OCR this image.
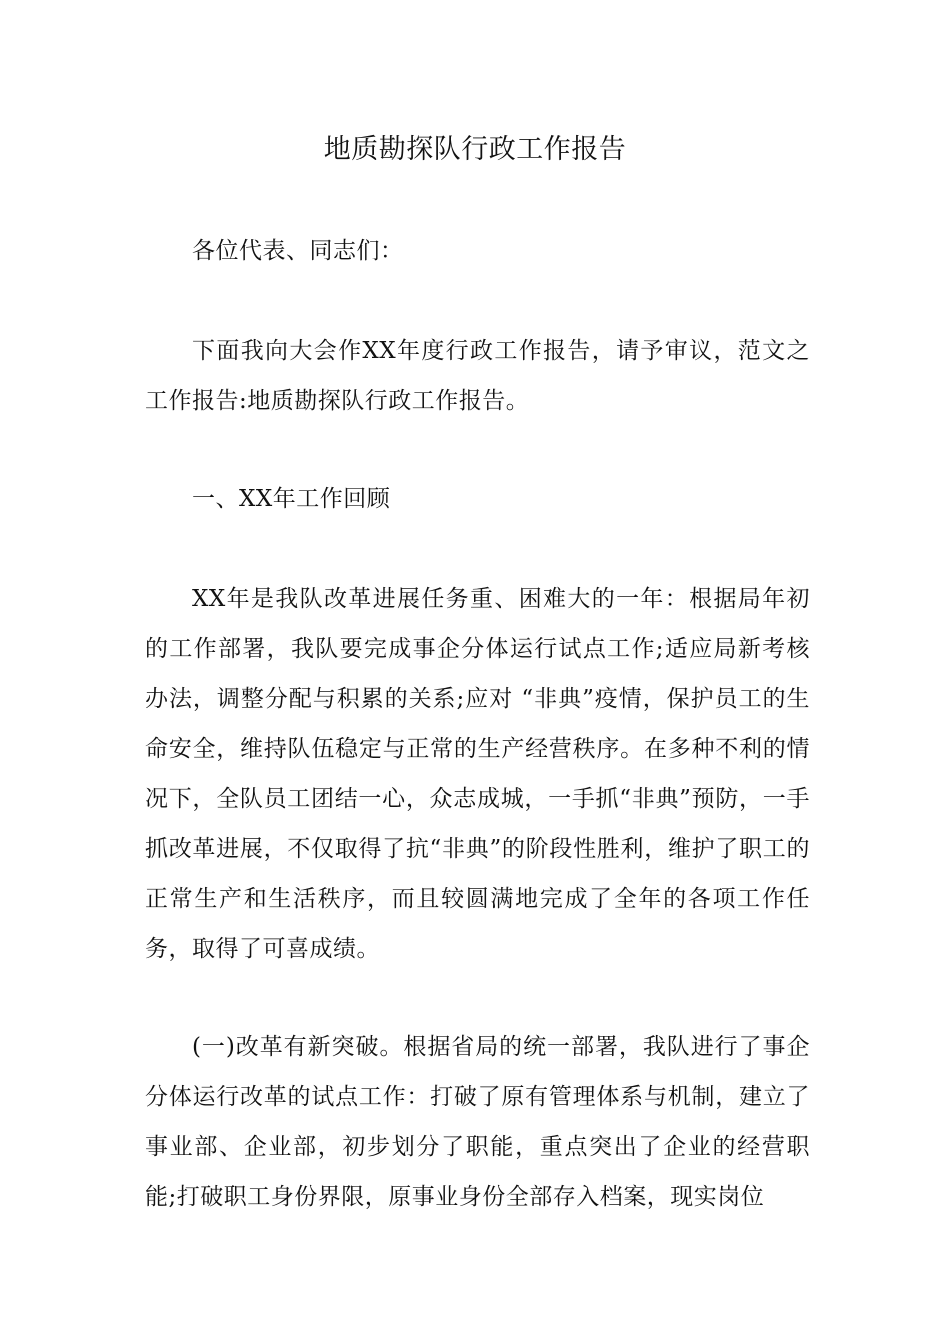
地质勘探队行政工作报告
各位代表、同志们：
下面我向大会作XX年度行政工作报告，请予审议，范文之工作报告:地质勘探队行政工作报告。
一、XX年工作回顾
XX年是我队改革进展任务重、困难大的一年：根据局年初的工作部署，我队要完成事企分体运行试点工作;适应局新考核办法，调整分配与积累的关系;应对 “非典”疫情，保护员工的生命安全，维持队伍稳定与正常的生产经营秩序。在多种不利的情况下，全队员工团结一心，众志成城，一手抓“非典”预防，一手抓改革进展，不仅取得了抗“非典”的阶段性胜利，维护了职工的正常生产和生活秩序，而且较圆满地完成了全年的各项工作任务，取得了可喜成绩。
(一)改革有新突破。根据省局的统一部署，我队进行了事企分体运行改革的试点工作：打破了原有管理体系与机制，建立了事业部、企业部，初步划分了职能，重点突出了企业的经营职能;打破职工身份界限，原事业身份全部存入档案，现实岗位
